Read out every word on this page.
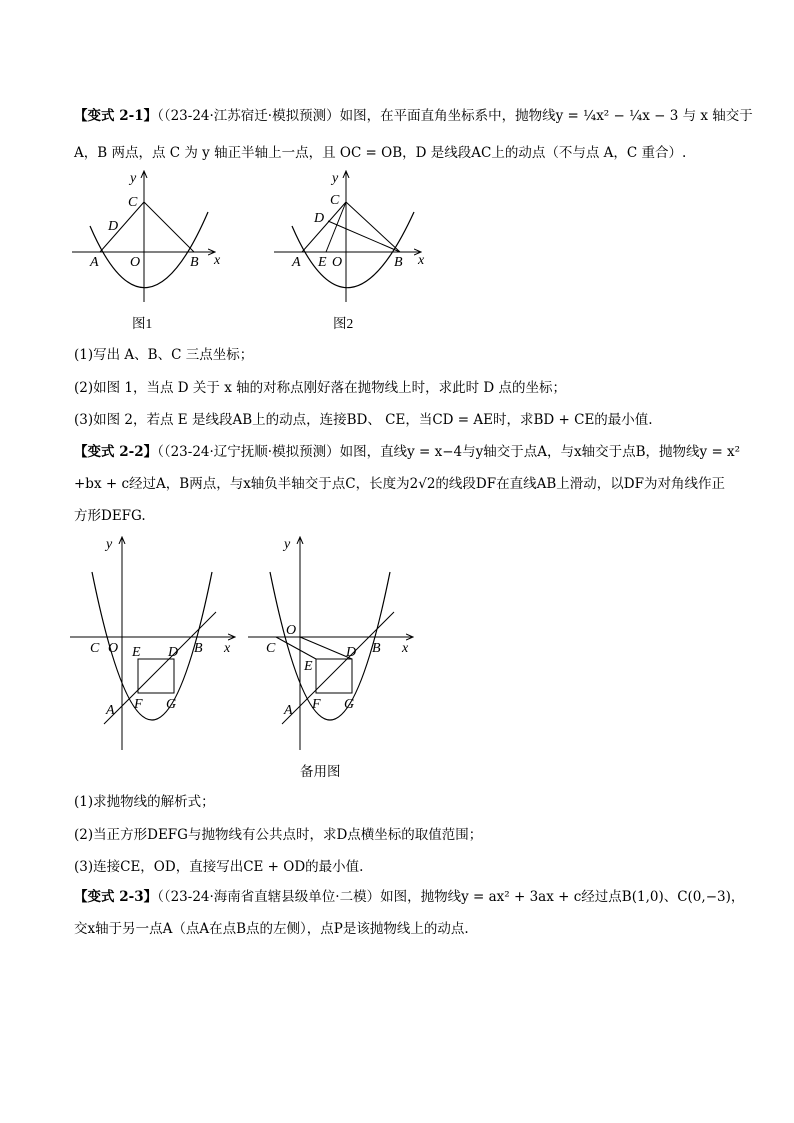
【变式 2-1】（（23-24·江苏宿迁·模拟预测）如图，在平面直角坐标系中，抛物线y = ¼x² − ¼x − 3 与 x 轴交于
A，B 两点，点 C 为 y 轴正半轴上一点，且 OC = OB，D 是线段AC上的动点（不与点 A，C 重合）.
y
C
D
A O	B x
图1
y
C
D
A E O	B x
图2
(1)写出 A、B、C 三点坐标；
(2)如图 1，当点 D 关于 x 轴的对称点刚好落在抛物线上时，求此时 D 点的坐标；
(3)如图 2，若点 E 是线段AB上的动点，连接BD、 CE，当CD = AE时，求BD + CE的最小值.
【变式 2-2】（（23-24·辽宁抚顺·模拟预测）如图，直线y = x−4与y轴交于点A，与x轴交于点B，抛物线y = x²
+bx + c经过A，B两点，与x轴负半轴交于点C，长度为2√2的线段DF在直线AB上滑动，以DF为对角线作正
方形DEFG.
y
C O E D B x
A F G
y
O
C	D B x
E
A F G
备用图
(1)求抛物线的解析式；
(2)当正方形DEFG与抛物线有公共点时，求D点横坐标的取值范围；
(3)连接CE，OD，直接写出CE + OD的最小值.
【变式 2-3】（（23-24·海南省直辖县级单位·二模）如图，抛物线y = ax² + 3ax + c经过点B(1,0)、C(0,−3)，
交x轴于另一点A（点A在点B点的左侧），点P是该抛物线上的动点.
